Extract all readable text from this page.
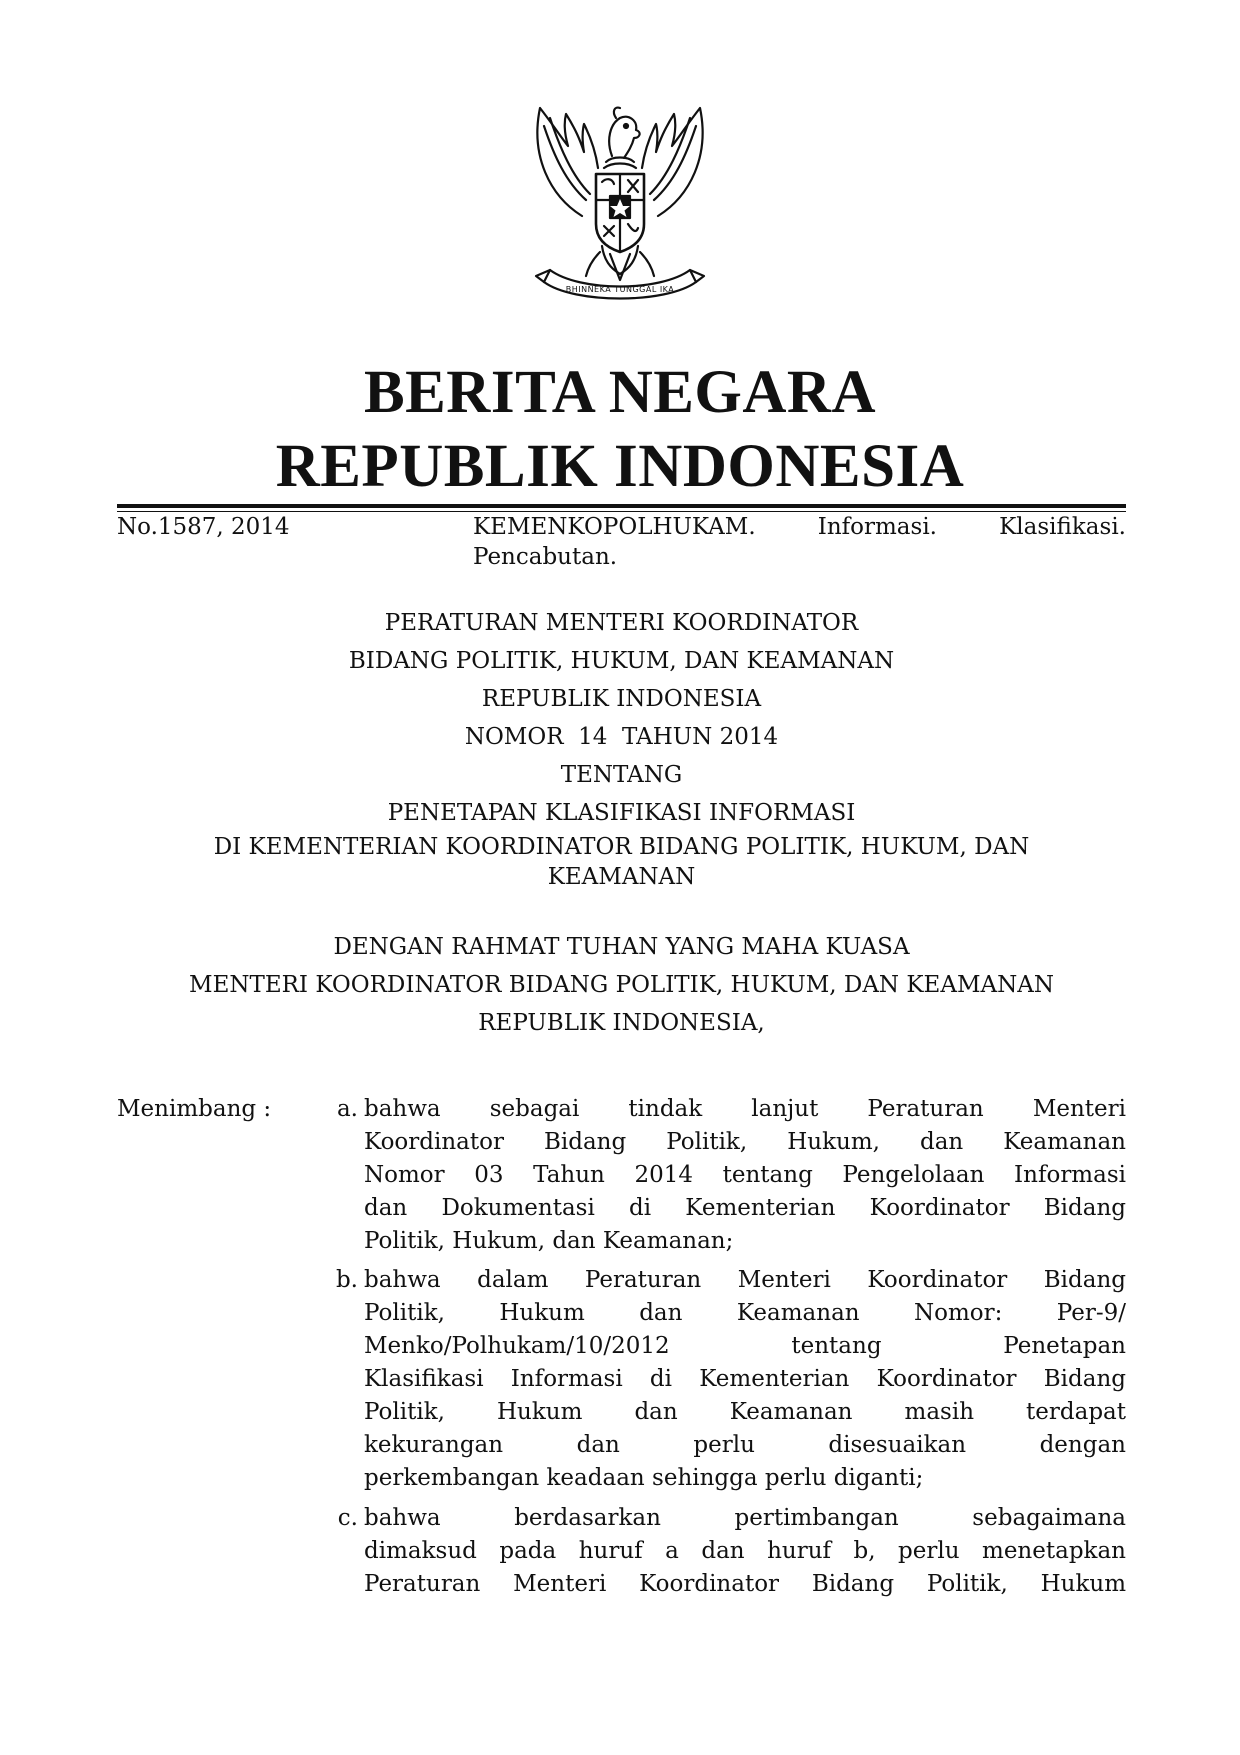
BHINNEKA TUNGGAL IKA
BERITA NEGARA
REPUBLIK INDONESIA
No.1587, 2014	KEMENKOPOLHUKAM. Informasi. Klasifikasi.
Pencabutan.
PERATURAN MENTERI KOORDINATOR
BIDANG POLITIK, HUKUM, DAN KEAMANAN
REPUBLIK INDONESIA
NOMOR  14  TAHUN 2014
TENTANG
PENETAPAN KLASIFIKASI INFORMASI
DI KEMENTERIAN KOORDINATOR BIDANG POLITIK, HUKUM, DAN
KEAMANAN
DENGAN RAHMAT TUHAN YANG MAHA KUASA
MENTERI KOORDINATOR BIDANG POLITIK, HUKUM, DAN KEAMANAN
REPUBLIK INDONESIA,
Menimbang :	a. bahwa sebagai tindak lanjut Peraturan Menteri
Koordinator Bidang Politik, Hukum, dan Keamanan
Nomor 03 Tahun 2014 tentang Pengelolaan Informasi
dan Dokumentasi di Kementerian Koordinator Bidang
Politik, Hukum, dan Keamanan;
b. bahwa dalam Peraturan Menteri Koordinator Bidang
Politik, Hukum dan Keamanan Nomor: Per-9/
Menko/Polhukam/10/2012 tentang Penetapan
Klasifikasi Informasi di Kementerian Koordinator Bidang
Politik, Hukum dan Keamanan masih terdapat
kekurangan dan perlu disesuaikan dengan
perkembangan keadaan sehingga perlu diganti;
c. bahwa berdasarkan pertimbangan sebagaimana
dimaksud pada huruf a dan huruf b, perlu menetapkan
Peraturan Menteri Koordinator Bidang Politik, Hukum
